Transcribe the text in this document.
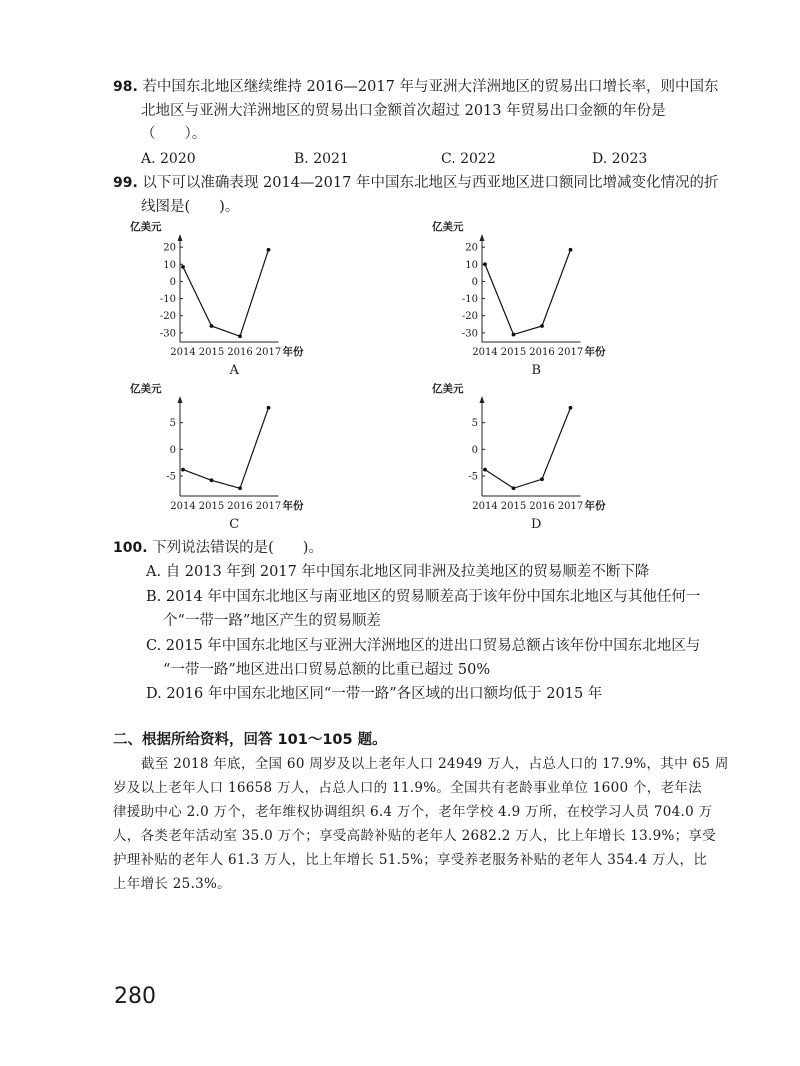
98. 若中国东北地区继续维持 2016—2017 年与亚洲大洋洲地区的贸易出口增长率，则中国东
北地区与亚洲大洋洲地区的贸易出口金额首次超过 2013 年贸易出口金额的年份是
（　　）。
A. 2020	B. 2021	C. 2022	D. 2023
99. 以下可以准确表现 2014—2017 年中国东北地区与西亚地区进口额同比增减变化情况的折
线图是(　　)。
亿美元
20
10
0
-10
-20
-30
2014 2015 2016 2017 年份
A
亿美元
20
10
0
-10
-20
-30
2014 2015 2016 2017 年份
B
亿美元
5
0
-5
2014 2015 2016 2017 年份
C
亿美元
5
0
-5
2014 2015 2016 2017 年份
D
100. 下列说法错误的是(　　)。
A. 自 2013 年到 2017 年中国东北地区同非洲及拉美地区的贸易顺差不断下降
B. 2014 年中国东北地区与南亚地区的贸易顺差高于该年份中国东北地区与其他任何一
个“一带一路”地区产生的贸易顺差
C. 2015 年中国东北地区与亚洲大洋洲地区的进出口贸易总额占该年份中国东北地区与
“一带一路”地区进出口贸易总额的比重已超过 50%
D. 2016 年中国东北地区同“一带一路”各区域的出口额均低于 2015 年
二、根据所给资料，回答 101～105 题。
截至 2018 年底，全国 60 周岁及以上老年人口 24949 万人，占总人口的 17.9%，其中 65 周
岁及以上老年人口 16658 万人，占总人口的 11.9%。全国共有老龄事业单位 1600 个，老年法
律援助中心 2.0 万个，老年维权协调组织 6.4 万个，老年学校 4.9 万所，在校学习人员 704.0 万
人，各类老年活动室 35.0 万个；享受高龄补贴的老年人 2682.2 万人，比上年增长 13.9%；享受
护理补贴的老年人 61.3 万人，比上年增长 51.5%；享受养老服务补贴的老年人 354.4 万人，比
上年增长 25.3%。
280
